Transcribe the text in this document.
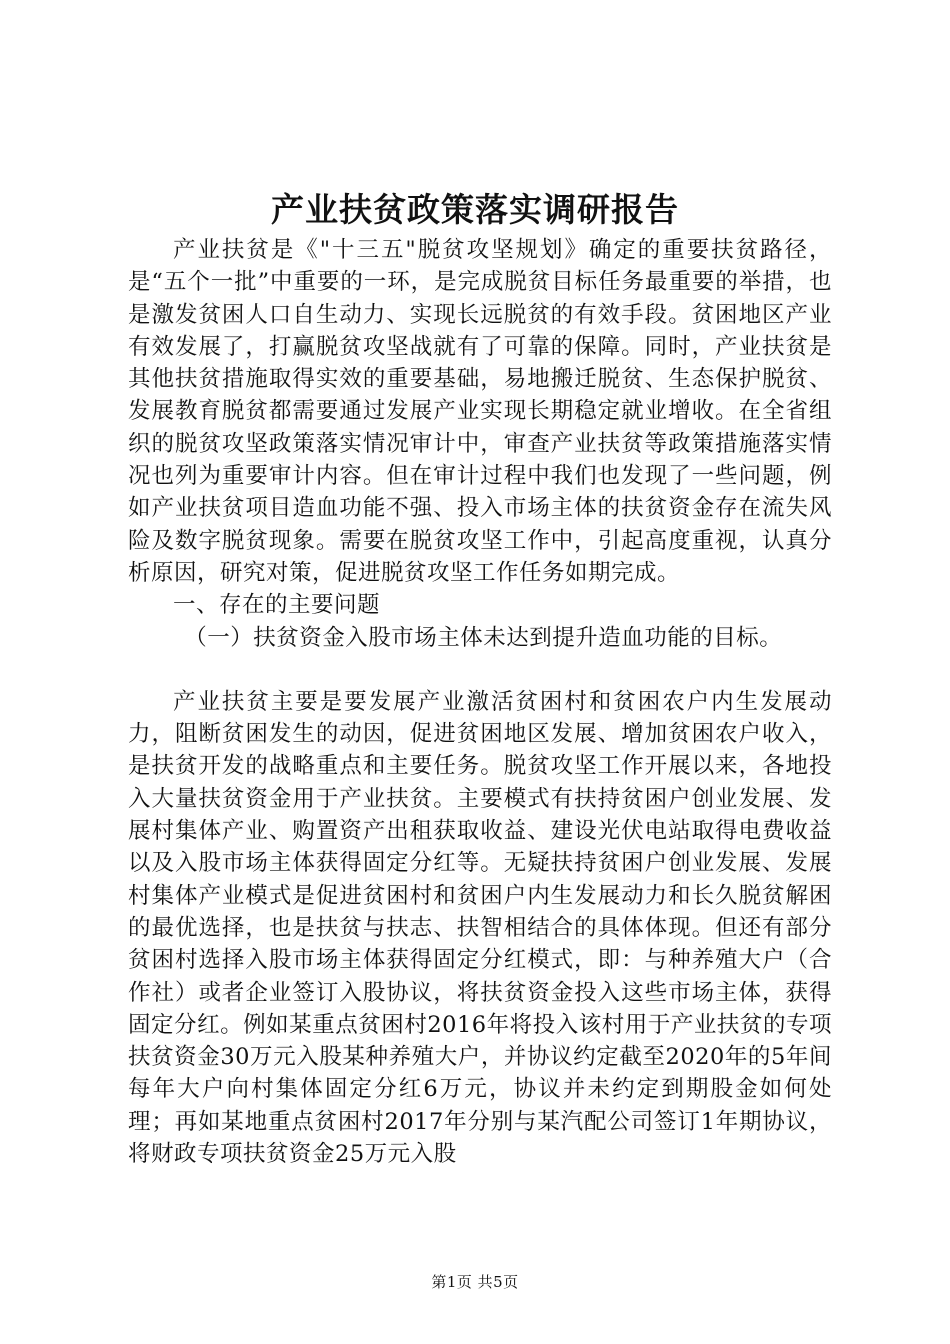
产业扶贫政策落实调研报告

产业扶贫是《"十三五"脱贫攻坚规划》确定的重要扶贫路径，是“五个一批”中重要的一环，是完成脱贫目标任务最重要的举措，也是激发贫困人口自生动力、实现长远脱贫的有效手段。贫困地区产业有效发展了，打赢脱贫攻坚战就有了可靠的保障。同时，产业扶贫是其他扶贫措施取得实效的重要基础，易地搬迁脱贫、生态保护脱贫、发展教育脱贫都需要通过发展产业实现长期稳定就业增收。在全省组织的脱贫攻坚政策落实情况审计中，审查产业扶贫等政策措施落实情况也列为重要审计内容。但在审计过程中我们也发现了一些问题，例如产业扶贫项目造血功能不强、投入市场主体的扶贫资金存在流失风险及数字脱贫现象。需要在脱贫攻坚工作中，引起高度重视，认真分析原因，研究对策，促进脱贫攻坚工作任务如期完成。

一、存在的主要问题

（一）扶贫资金入股市场主体未达到提升造血功能的目标。

产业扶贫主要是要发展产业激活贫困村和贫困农户内生发展动力，阻断贫困发生的动因，促进贫困地区发展、增加贫困农户收入，是扶贫开发的战略重点和主要任务。脱贫攻坚工作开展以来，各地投入大量扶贫资金用于产业扶贫。主要模式有扶持贫困户创业发展、发展村集体产业、购置资产出租获取收益、建设光伏电站取得电费收益以及入股市场主体获得固定分红等。无疑扶持贫困户创业发展、发展村集体产业模式是促进贫困村和贫困户内生发展动力和长久脱贫解困的最优选择，也是扶贫与扶志、扶智相结合的具体体现。但还有部分贫困村选择入股市场主体获得固定分红模式，即：与种养殖大户（合作社）或者企业签订入股协议，将扶贫资金投入这些市场主体，获得固定分红。例如某重点贫困村2016年将投入该村用于产业扶贫的专项扶贫资金30万元入股某种养殖大户，并协议约定截至2020年的5年间每年大户向村集体固定分红6万元，协议并未约定到期股金如何处理；再如某地重点贫困村2017年分别与某汽配公司签订1年期协议，将财政专项扶贫资金25万元入股

第1页 共5页
